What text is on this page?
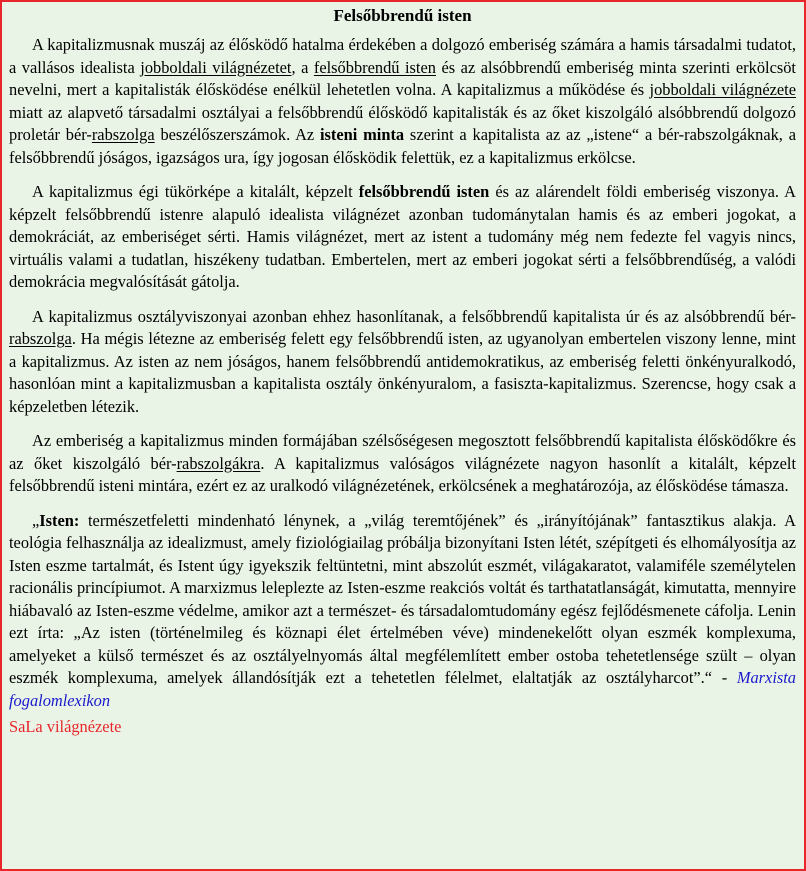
Felsőbbrendű isten

A kapitalizmusnak muszáj az élősködő hatalma érdekében a dolgozó emberiség számára a hamis társadalmi tudatot, a vallásos idealista jobboldali világnézetet, a felsőbbrendű isten és az alsóbbrendű emberiség minta szerinti erkölcsöt nevelni, mert a kapitalisták élősködése enélkül lehetetlen volna. A kapitalizmus a működése és jobboldali világnézete miatt az alapvető társadalmi osztályai a felsőbbrendű élősködő kapitalisták és az őket kiszolgáló alsóbbrendű dolgozó proletár bér-rabszolga beszélőszerszámok. Az isteni minta szerint a kapitalista az az „istene“ a bér-rabszolgáknak, a felsőbbrendű jóságos, igazságos ura, így jogosan élősködik felettük, ez a kapitalizmus erkölcse.

A kapitalizmus égi tükörképe a kitalált, képzelt felsőbbrendű isten és az alárendelt földi emberiség viszonya. A képzelt felsőbbrendű istenre alapuló idealista világnézet azonban tudománytalan hamis és az emberi jogokat, a demokráciát, az emberiséget sérti. Hamis világnézet, mert az istent a tudomány még nem fedezte fel vagyis nincs, virtuális valami a tudatlan, hiszékeny tudatban. Embertelen, mert az emberi jogokat sérti a felsőbbrendűség, a valódi demokrácia megvalósítását gátolja.

A kapitalizmus osztályviszonyai azonban ehhez hasonlítanak, a felsőbbrendű kapitalista úr és az alsóbbrendű bér-rabszolga. Ha mégis létezne az emberiség felett egy felsőbbrendű isten, az ugyanolyan embertelen viszony lenne, mint a kapitalizmus. Az isten az nem jóságos, hanem felsőbbrendű antidemokratikus, az emberiség feletti önkényuralkodó, hasonlóan mint a kapitalizmusban a kapitalista osztály önkényuralom, a fasiszta-kapitalizmus. Szerencse, hogy csak a képzeletben létezik.

Az emberiség a kapitalizmus minden formájában szélsőségesen megosztott felsőbbrendű kapitalista élősködőkre és az őket kiszolgáló bér-rabszolgákra. A kapitalizmus valóságos világnézete nagyon hasonlít a kitalált, képzelt felsőbbrendű isteni mintára, ezért ez az uralkodó világnézetének, erkölcsének a meghatározója, az élősködése támasza.

„Isten: természetfeletti mindenható lénynek, a „világ teremtőjének” és „irányítójának” fantasztikus alakja. A teológia felhasználja az idealizmust, amely fiziológiailag próbálja bizonyítani Isten létét, szépítgeti és elhomályosítja az Isten eszme tartalmát, és Istent úgy igyekszik feltüntetni, mint abszolút eszmét, világakaratot, valamiféle személytelen racionális princípiumot. A marxizmus leleplezte az Isten-eszme reakciós voltát és tarthatatlanságát, kimutatta, mennyire hiábavaló az Isten-eszme védelme, amikor azt a természet- és társadalomtudomány egész fejlődésmenete cáfolja. Lenin ezt írta: „Az isten (történelmileg és köznapi élet értelmében véve) mindenekelőtt olyan eszmék komplexuma, amelyeket a külső természet és az osztályelnyomás által megfélemlített ember ostoba tehetetlensége szült – olyan eszmék komplexuma, amelyek állandósítják ezt a tehetetlen félelmet, elaltatják az osztályharcot”.“ - Marxista fogalomlexikon

SaLa világnézete
